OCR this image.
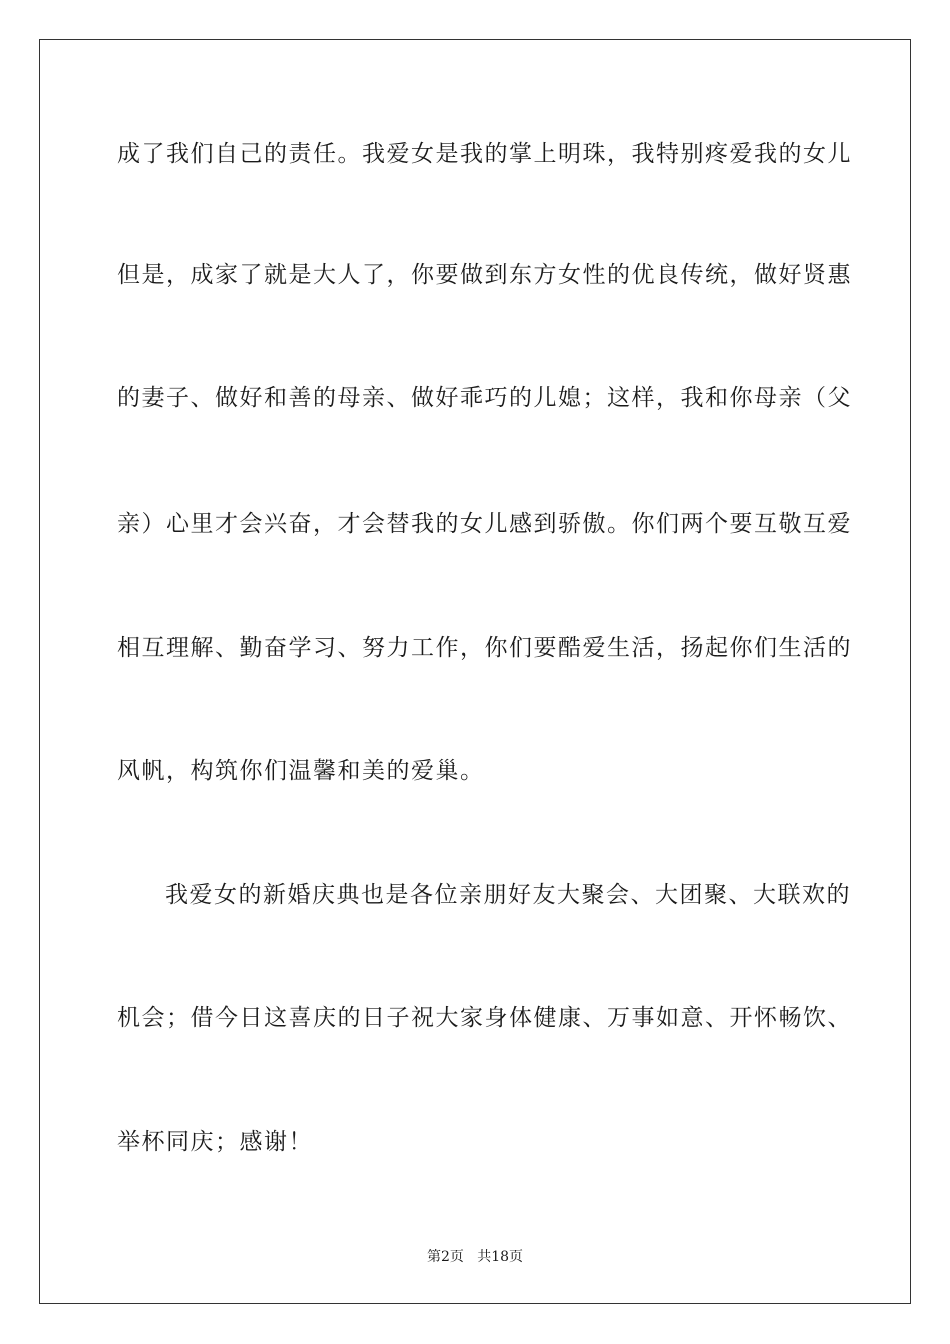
成了我们自己的责任。我爱女是我的掌上明珠，我特别疼爱我的女儿
但是，成家了就是大人了，你要做到东方女性的优良传统，做好贤惠
的妻子、做好和善的母亲、做好乖巧的儿媳；这样，我和你母亲（父
亲）心里才会兴奋，才会替我的女儿感到骄傲。你们两个要互敬互爱
相互理解、勤奋学习、努力工作，你们要酷爱生活，扬起你们生活的
风帆，构筑你们温馨和美的爱巢。
我爱女的新婚庆典也是各位亲朋好友大聚会、大团聚、大联欢的
机会；借今日这喜庆的日子祝大家身体健康、万事如意、开怀畅饮、
举杯同庆；感谢！
第2页   共18页
